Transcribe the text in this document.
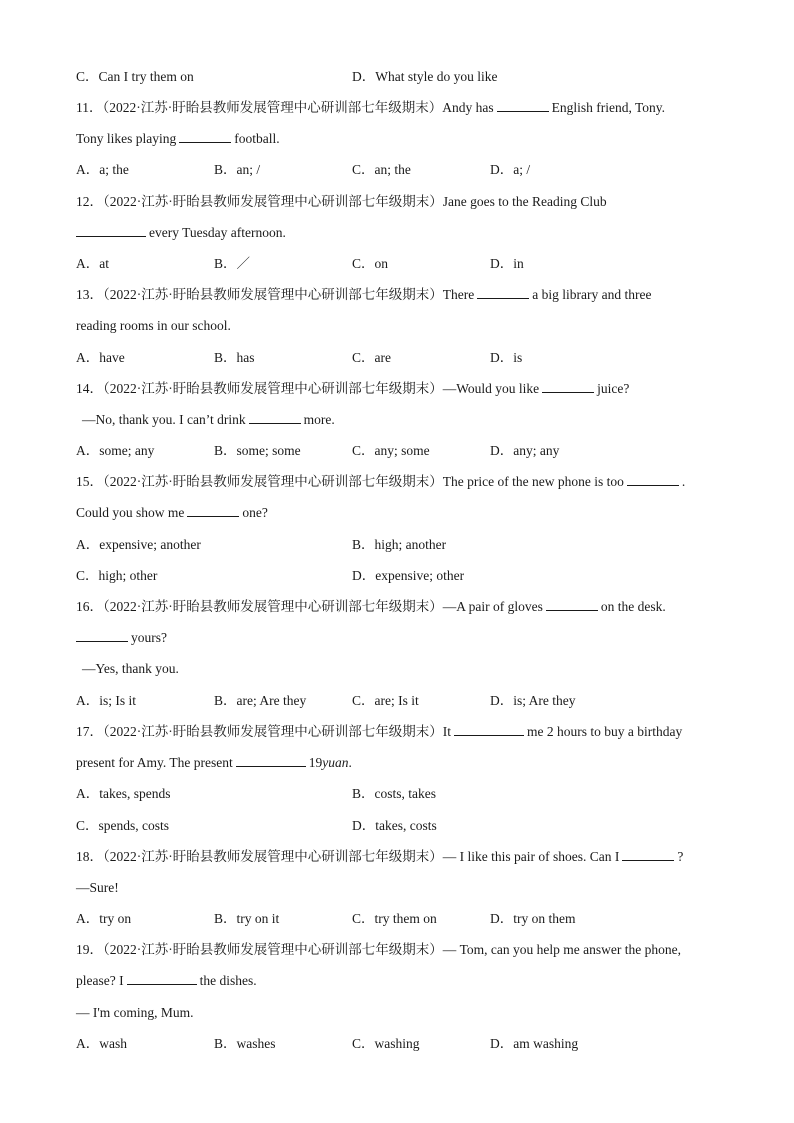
C．Can I try them on	D．What style do you like
11．（2022·江苏·盱眙县教师发展管理中心研训部七年级期末）Andy has	English friend, Tony.
Tony likes playing	football.
A．a; the	B．an; /	C．an; the	D．a; /
12．（2022·江苏·盱眙县教师发展管理中心研训部七年级期末）Jane goes to the Reading Club
every Tuesday afternoon.
A．at	B．／	C．on	D．in
13．（2022·江苏·盱眙县教师发展管理中心研训部七年级期末）There	a big library and three
reading rooms in our school.
A．have	B．has	C．are	D．is
14．（2022·江苏·盱眙县教师发展管理中心研训部七年级期末）—Would you like	juice?
—No, thank you. I can’t drink	more.
A．some; any	B．some; some	C．any; some	D．any; any
15．（2022·江苏·盱眙县教师发展管理中心研训部七年级期末）The price of the new phone is too	.
Could you show me	one?
A．expensive; another	B．high; another
C．high; other	D．expensive; other
16．（2022·江苏·盱眙县教师发展管理中心研训部七年级期末）—A pair of gloves	on the desk.
yours?
—Yes, thank you.
A．is; Is it	B．are; Are they	C．are; Is it	D．is; Are they
17．（2022·江苏·盱眙县教师发展管理中心研训部七年级期末）It	me 2 hours to buy a birthday
present for Amy. The present	19yuan.
A．takes, spends	B．costs, takes
C．spends, costs	D．takes, costs
18．（2022·江苏·盱眙县教师发展管理中心研训部七年级期末）— I like this pair of shoes. Can I	?
—Sure!
A．try on	B．try on it	C．try them on	D．try on them
19．（2022·江苏·盱眙县教师发展管理中心研训部七年级期末）— Tom, can you help me answer the phone,
please? I	the dishes.
— I'm coming, Mum.
A．wash	B．washes	C．washing	D．am washing
